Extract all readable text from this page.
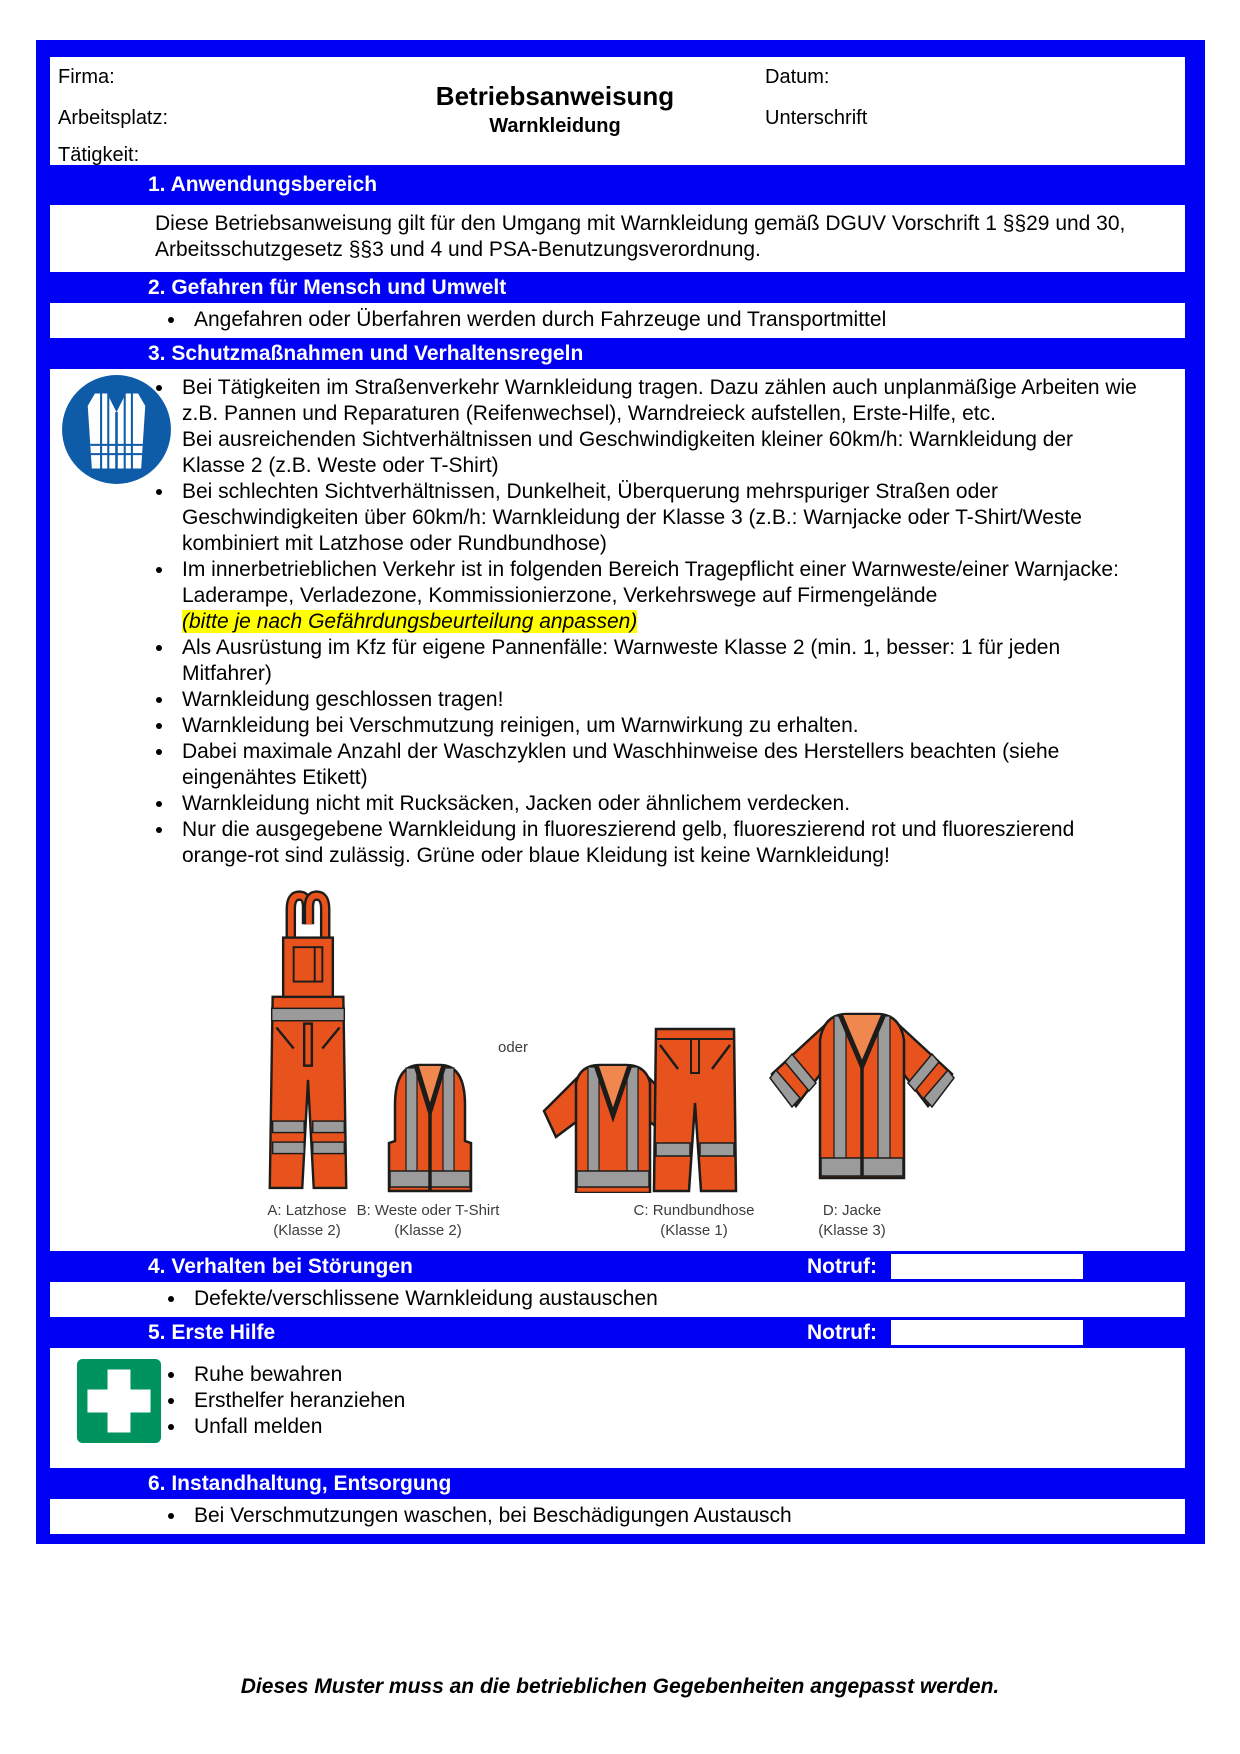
Firma:
Arbeitsplatz:
Tätigkeit:
Betriebsanweisung
Warnkleidung
Datum:
Unterschrift
1. Anwendungsbereich
Diese Betriebsanweisung gilt für den Umgang mit Warnkleidung gemäß DGUV Vorschrift 1 §§29 und 30, Arbeitsschutzgesetz §§3 und 4 und PSA-Benutzungsverordnung.
2. Gefahren für Mensch und Umwelt
Angefahren oder Überfahren werden durch Fahrzeuge und Transportmittel
3. Schutzmaßnahmen und Verhaltensregeln
Bei Tätigkeiten im Straßenverkehr Warnkleidung tragen. Dazu zählen auch unplanmäßige Arbeiten wie z.B. Pannen und Reparaturen (Reifenwechsel), Warndreieck aufstellen, Erste-Hilfe, etc.
Bei ausreichenden Sichtverhältnissen und Geschwindigkeiten kleiner 60km/h: Warnkleidung der Klasse 2 (z.B. Weste oder T-Shirt)
Bei schlechten Sichtverhältnissen, Dunkelheit, Überquerung mehrspuriger Straßen oder Geschwindigkeiten über 60km/h: Warnkleidung der Klasse 3 (z.B.: Warnjacke oder T-Shirt/Weste kombiniert mit Latzhose oder Rundbundhose)
Im innerbetrieblichen Verkehr ist in folgenden Bereich Tragepflicht einer Warnweste/einer Warnjacke: Laderampe, Verladezone, Kommissionierzone, Verkehrswege auf Firmengelände
(bitte je nach Gefährdungsbeurteilung anpassen)
Als Ausrüstung im Kfz für eigene Pannenfälle: Warnweste Klasse 2 (min. 1, besser: 1 für jeden Mitfahrer)
Warnkleidung geschlossen tragen!
Warnkleidung bei Verschmutzung reinigen, um Warnwirkung zu erhalten.
Dabei maximale Anzahl der Waschzyklen und Waschhinweise des Herstellers beachten (siehe eingenähtes Etikett)
Warnkleidung nicht mit Rucksäcken, Jacken oder ähnlichem verdecken.
Nur die ausgegebene Warnkleidung in fluoreszierend gelb, fluoreszierend rot und fluoreszierend orange-rot sind zulässig. Grüne oder blaue Kleidung ist keine Warnkleidung!
oder
A: Latzhose
(Klasse 2)
B: Weste oder T-Shirt
(Klasse 2)
C: Rundbundhose
(Klasse 1)
D: Jacke
(Klasse 3)
4. Verhalten bei Störungen	Notruf:
Defekte/verschlissene Warnkleidung austauschen
5. Erste Hilfe	Notruf:
Ruhe bewahren
Ersthelfer heranziehen
Unfall melden
6. Instandhaltung, Entsorgung
Bei Verschmutzungen waschen, bei Beschädigungen Austausch
Dieses Muster muss an die betrieblichen Gegebenheiten angepasst werden.
